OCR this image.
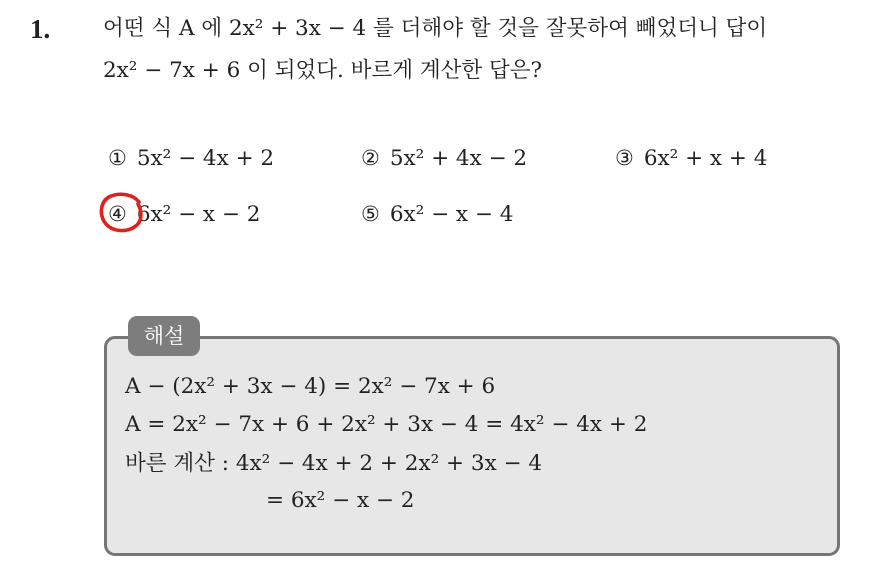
1. 어떤 식 A 에 2x² + 3x − 4 를 더해야 할 것을 잘못하여 빼었더니 답이
2x² − 7x + 6 이 되었다. 바르게 계산한 답은?
① 5x² − 4x + 2	② 5x² + 4x − 2	③ 6x² + x + 4
④ 6x² − x − 2	⑤ 6x² − x − 4
해설
A − (2x² + 3x − 4) = 2x² − 7x + 6
A = 2x² − 7x + 6 + 2x² + 3x − 4 = 4x² − 4x + 2
바른 계산 : 4x² − 4x + 2 + 2x² + 3x − 4
= 6x² − x − 2
